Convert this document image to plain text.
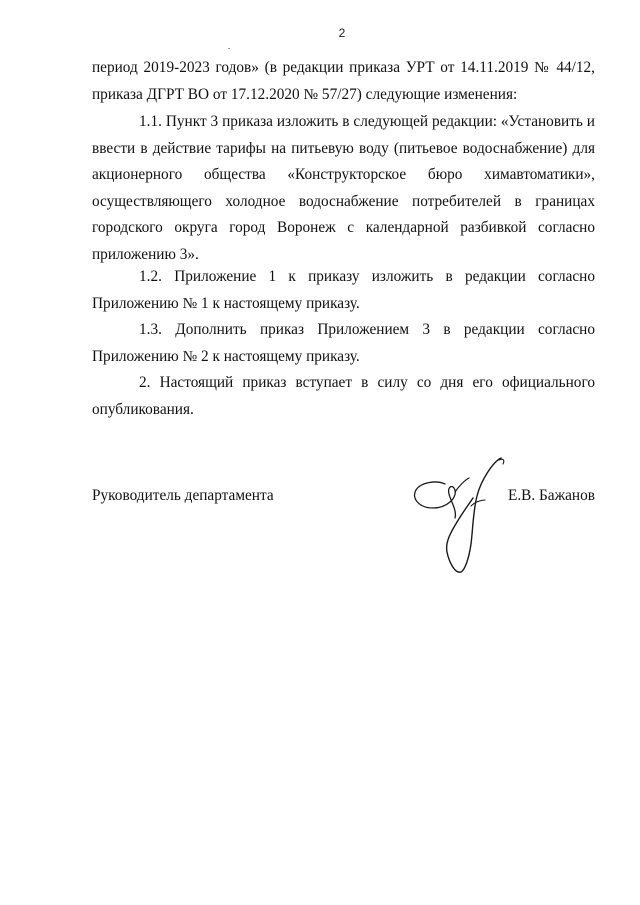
2
период 2019-2023 годов» (в редакции приказа УРТ от 14.11.2019 № 44/12,
приказа ДГРТ ВО от 17.12.2020 № 57/27) следующие изменения:
1.1. Пункт 3 приказа изложить в следующей редакции: «Установить и
ввести в действие тарифы на питьевую воду (питьевое водоснабжение) для
акционерного общества «Конструкторское бюро химавтоматики»,
осуществляющего холодное водоснабжение потребителей в границах
городского округа город Воронеж с календарной разбивкой согласно
приложению 3».
1.2. Приложение 1 к приказу изложить в редакции согласно
Приложению № 1 к настоящему приказу.
1.3. Дополнить приказ Приложением 3 в редакции согласно
Приложению № 2 к настоящему приказу.
2. Настоящий приказ вступает в силу со дня его официального
опубликования.
Руководитель департамента	Е.В. Бажанов
